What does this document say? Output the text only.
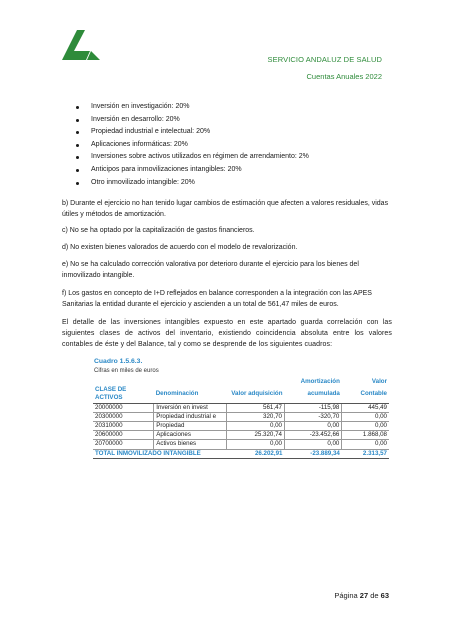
SERVICIO ANDALUZ DE SALUD
Cuentas Anuales 2022
Inversión en investigación: 20%
Inversión en desarrollo: 20%
Propiedad industrial e intelectual: 20%
Aplicaciones informáticas: 20%
Inversiones sobre activos utilizados en régimen de arrendamiento: 2%
Anticipos para inmovilizaciones intangibles: 20%
Otro inmovilizado intangible: 20%

b) Durante el ejercicio no han tenido lugar cambios de estimación que afecten a valores residuales, vidas útiles y métodos de amortización.

c) No se ha optado por la capitalización de gastos financieros.

d) No existen bienes valorados de acuerdo con el modelo de revalorización.

e) No se ha calculado corrección valorativa por deterioro durante el ejercicio para los bienes del inmovilizado intangible.

f) Los gastos en concepto de I+D reflejados en balance corresponden a la integración con las APES Sanitarias la entidad durante el ejercicio y ascienden a un total de 561,47 miles de euros.

El detalle de las inversiones intangibles expuesto en este apartado guarda correlación con las siguientes clases de activos del inventario, existiendo coincidencia absoluta entre los valores contables de éste y del Balance, tal y como se desprende de los siguientes cuadros:

Cuadro 1.5.6.3.
Cifras en miles de euros
			Amortización	Valor
CLASE DE ACTIVOS	Denominación	Valor adquisición	acumulada	Contable
20000000	Inversión en invest	561,47	-115,98	445,49
20300000	Propiedad industrial e	320,70	-320,70	0,00
20310000	Propiedad	0,00	0,00	0,00
20600000	Aplicaciones	25.320,74	-23.452,66	1.868,08
20700000	Activos bienes	0,00	0,00	0,00
TOTAL INMOVILIZADO INTANGIBLE		26.202,91	-23.889,34	2.313,57
Página 27 de 63
